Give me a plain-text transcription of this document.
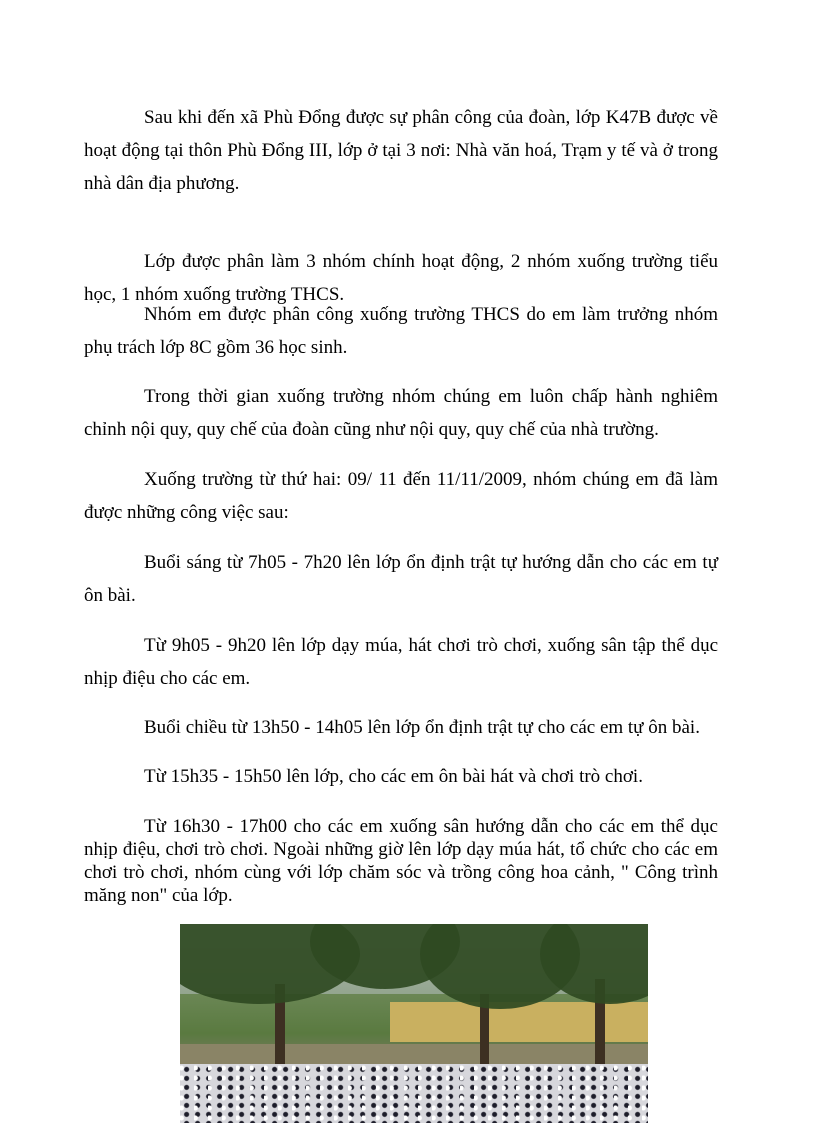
Sau khi đến xã Phù Đổng được sự phân công của đoàn, lớp K47B được về hoạt động tại thôn Phù Đổng III, lớp ở tại 3 nơi: Nhà văn hoá, Trạm y tế và ở trong nhà dân địa phương.

Lớp được phân làm 3 nhóm chính hoạt động, 2 nhóm xuống trường tiểu học, 1 nhóm xuống trường THCS.

Nhóm em được phân công xuống trường THCS do em làm trưởng nhóm phụ trách lớp 8C gồm 36 học sinh.

Trong thời gian xuống trường nhóm chúng em luôn chấp hành nghiêm chỉnh nội quy, quy chế của đoàn cũng như nội quy, quy chế của nhà trường.

Xuống trường từ thứ hai: 09/ 11 đến 11/11/2009, nhóm chúng em đã làm được những công việc sau:

Buổi sáng từ 7h05 - 7h20 lên lớp ổn định trật tự hướng dẫn cho các em tự ôn bài.

Từ 9h05 - 9h20 lên lớp dạy múa, hát chơi trò chơi, xuống sân tập thể dục nhịp điệu cho các em.

Buổi chiều từ 13h50 - 14h05 lên lớp ổn định trật tự cho các em tự ôn bài.

Từ 15h35 - 15h50 lên lớp, cho các em ôn bài hát và chơi trò chơi.

Từ 16h30 - 17h00 cho các em xuống sân hướng dẫn cho các em thể dục nhịp điệu, chơi trò chơi. Ngoài những giờ lên lớp dạy múa hát, tổ chức cho các em chơi trò chơi, nhóm cùng với lớp chăm sóc và trồng công hoa cảnh, " Công trình măng non" của lớp.
